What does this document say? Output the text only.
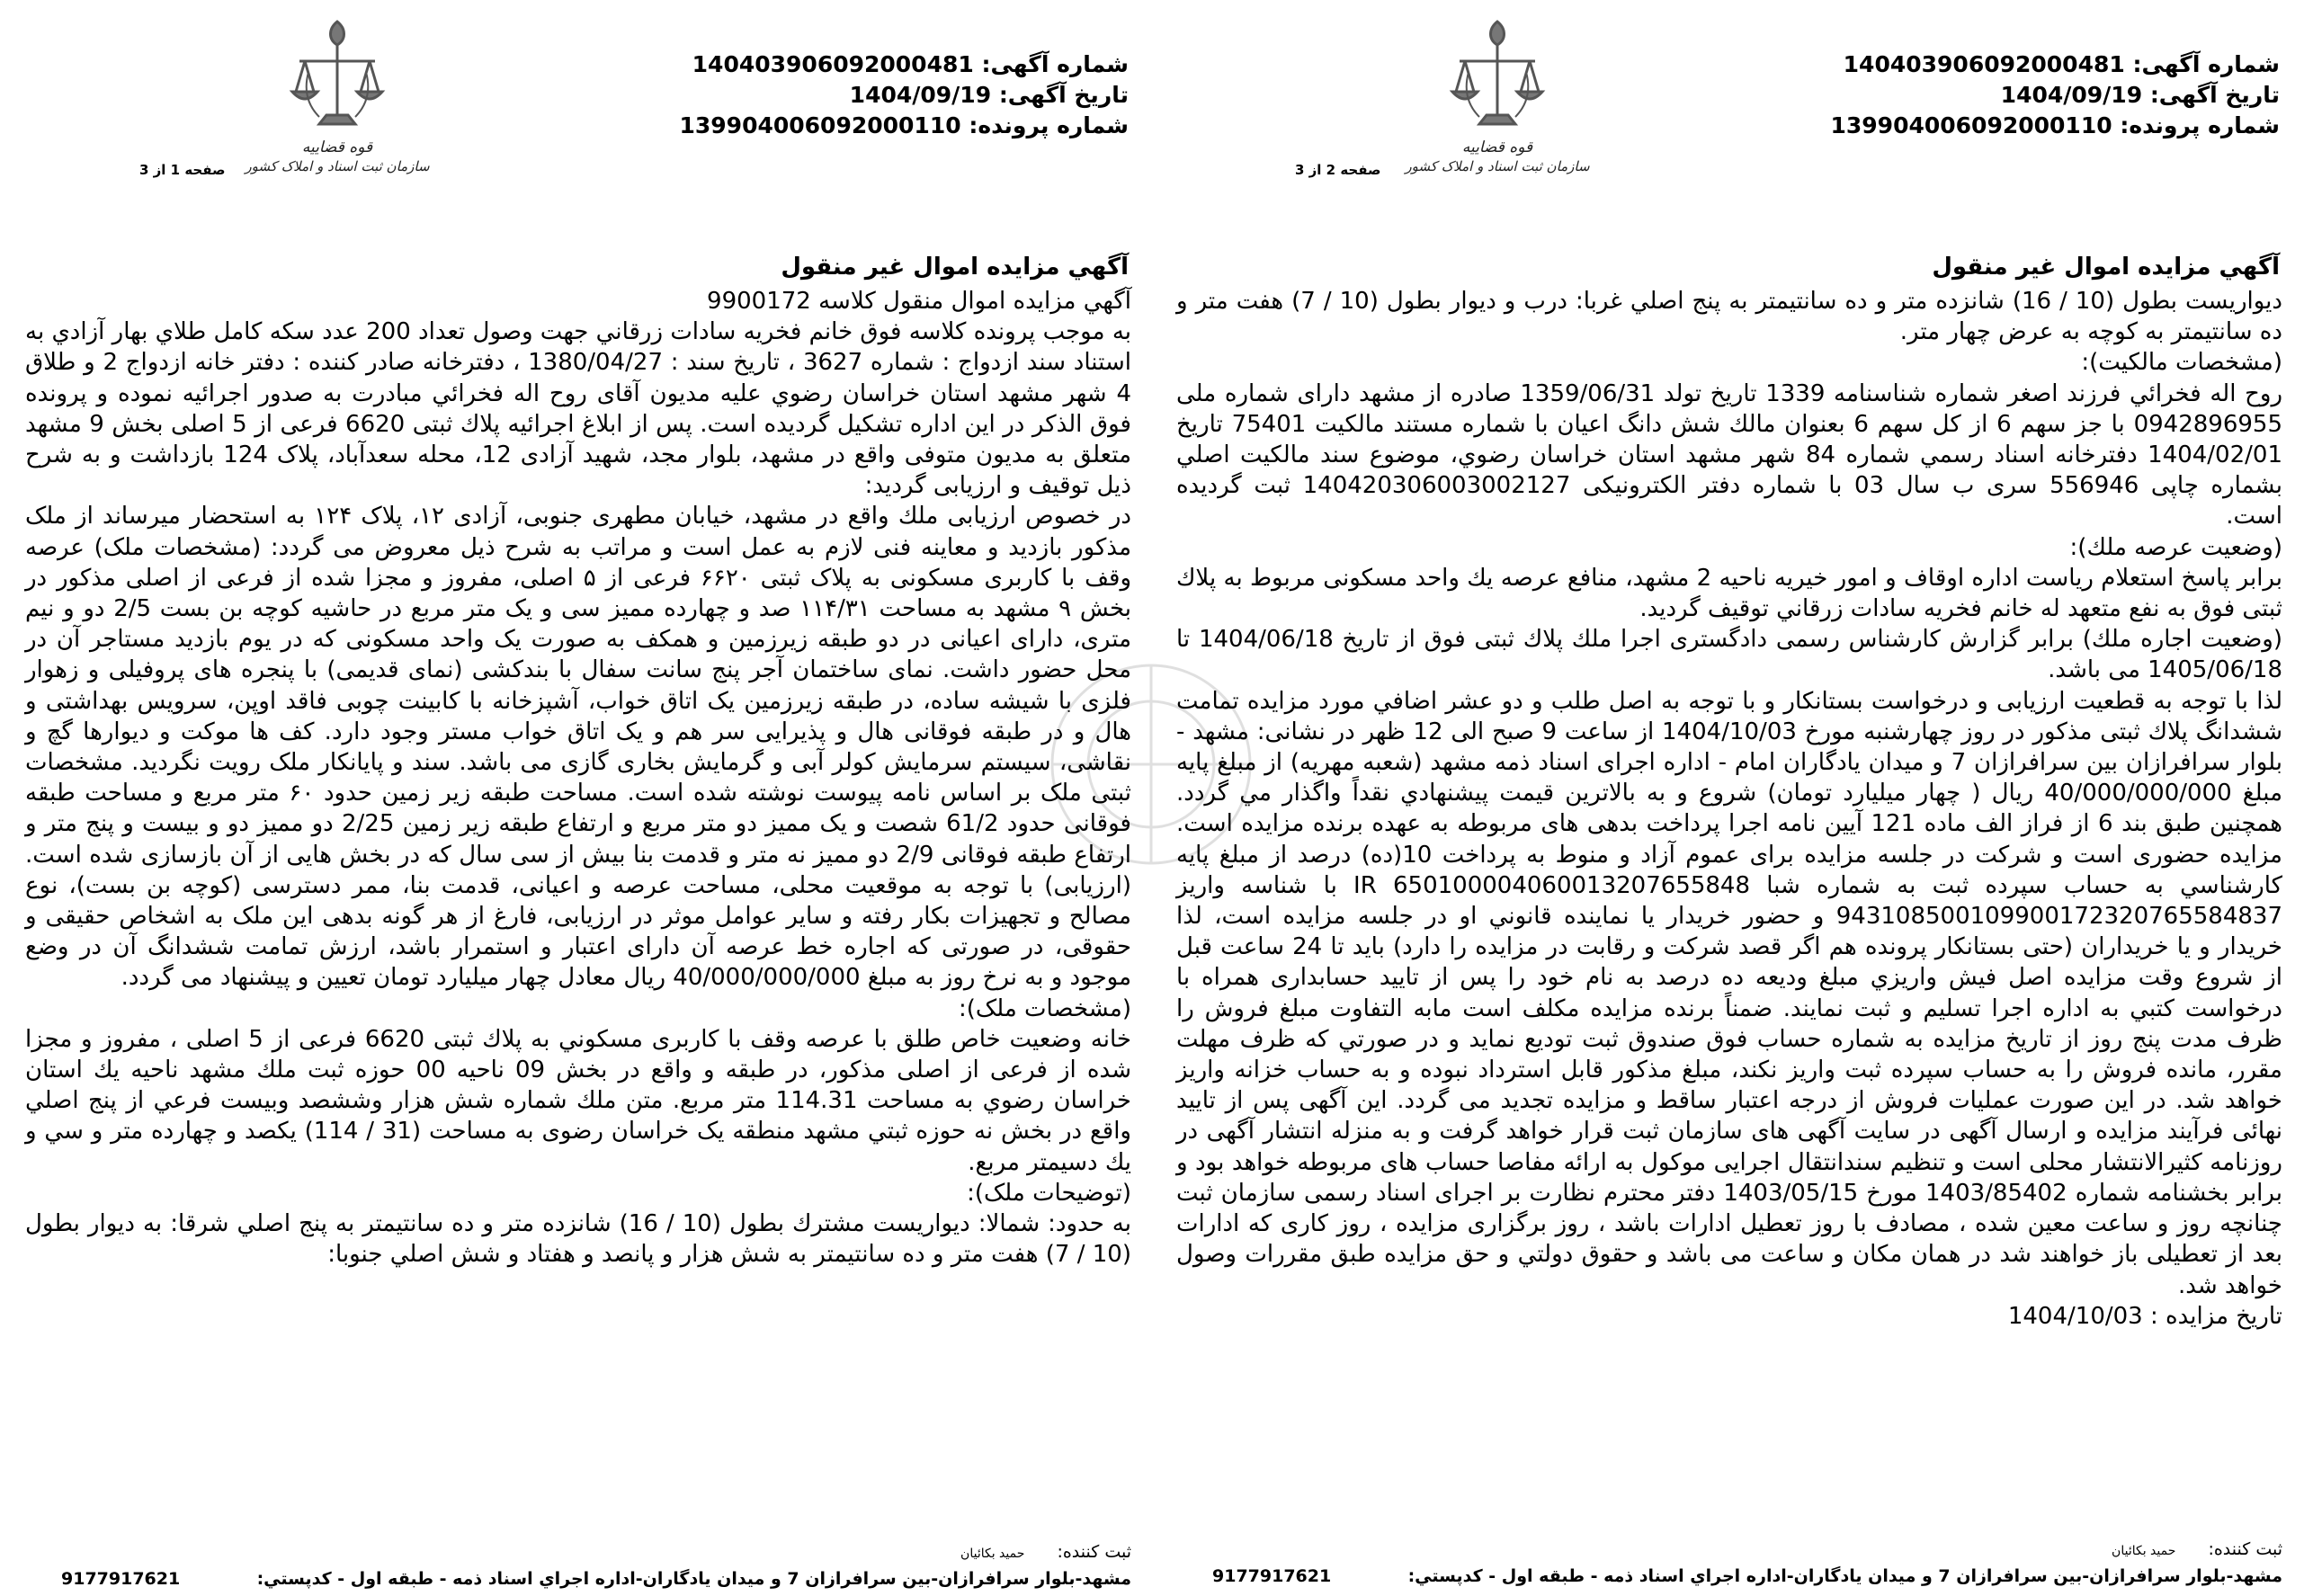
شماره آگهی: 140403906092000481
تاریخ آگهی: 1404/09/19
شماره پرونده: 139904006092000110
قوه قضاییه
سازمان ثبت اسناد و املاک کشور
صفحه 2 از 3
آگهي مزايده اموال غير منقول

ديواريست بطول (10 / 16) شانزده متر و ده سانتيمتر به پنج اصلي غربا: درب و ديوار بطول (10 / 7) هفت متر و ده سانتيمتر به كوچه به عرض چهار متر.

(مشخصات مالكيت):

روح اله فخرائي فرزند اصغر شماره شناسنامه 1339 تاريخ تولد 1359/06/31 صادره از مشهد داراى شماره ملی 0942896955 با جز سهم 6 از كل سهم 6 بعنوان مالك شش دانگ اعيان با شماره مستند مالكيت 75401 تاريخ 1404/02/01 دفترخانه اسناد رسمي شماره 84 شهر مشهد استان خراسان رضوي، موضوع سند مالكيت اصلي بشماره چاپی 556946 سری ب سال 03 با شماره دفتر الكترونيكی 140420306003002127 ثبت گرديده است.

(وضعيت عرصه ملك):

برابر پاسخ استعلام رياست اداره اوقاف و امور خيريه ناحيه 2 مشهد، منافع عرصه يك واحد مسكونی مربوط به پلاك ثبتی فوق به نفع متعهد له خانم فخريه سادات زرقاني توقيف گرديد.

(وضعيت اجاره ملك) برابر گزارش كارشناس رسمی دادگستری اجرا ملك پلاك ثبتی فوق از تاريخ 1404/06/18 تا 1405/06/18 مى باشد.

لذا با توجه به قطعيت ارزيابى و درخواست بستانكار و با توجه به اصل طلب و دو عشر اضافي مورد مزايده تمامت ششدانگ پلاك ثبتى مذكور در روز چهارشنبه مورخ 1404/10/03 از ساعت 9 صبح الى 12 ظهر در نشانى: مشهد - بلوار سرافرازان بين سرافرازان 7 و ميدان يادگاران امام - اداره اجراى اسناد ذمه مشهد (شعبه مهريه) از مبلغ پايه مبلغ 40/000/000/000 ريال ( چهار ميليارد تومان) شروع و به بالاترين قيمت پيشنهادي نقداً واگذار مي گردد. همچنين طبق بند 6 از فراز الف ماده 121 آيين نامه اجرا پرداخت بدهی های مربوطه به عهده برنده مزايده است. مزايده حضوری است و شركت در جلسه مزايده برای عموم آزاد و منوط به پرداخت 10(ده) درصد از مبلغ پايه كارشناسي به حساب سپرده ثبت به شماره شبا IR 650100004060013207655848 با شناسه واريز 943108500109900172320765584837 و حضور خريدار يا نماينده قانوني او در جلسه مزايده است، لذا خريدار و يا خريداران (حتى بستانكار پرونده هم اگر قصد شركت و رقابت در مزايده را دارد) بايد تا 24 ساعت قبل از شروع وقت مزايده اصل فيش واريزي مبلغ وديعه ده درصد به نام خود را پس از تاييد حسابداری همراه با درخواست كتبي به اداره اجرا تسليم و ثبت نمايند. ضمناً برنده مزايده مكلف است مابه التفاوت مبلغ فروش را ظرف مدت پنج روز از تاريخ مزايده به شماره حساب فوق صندوق ثبت توديع نمايد و در صورتي كه ظرف مهلت مقرر، مانده فروش را به حساب سپرده ثبت واريز نكند، مبلغ مذكور قابل استرداد نبوده و به حساب خزانه واريز خواهد شد. در اين صورت عمليات فروش از درجه اعتبار ساقط و مزايده تجديد می گردد. اين آگهی پس از تاييد نهائی فرآيند مزايده و ارسال آگهی در سايت آگهی های سازمان ثبت قرار خواهد گرفت و به منزله انتشار آگهی در روزنامه كثيرالانتشار محلی است و تنظيم سندانتقال اجرايی موكول به ارائه مفاصا حساب های مربوطه خواهد بود و برابر بخشنامه شماره 1403/85402 مورخ 1403/05/15 دفتر محترم نظارت بر اجرای اسناد رسمی سازمان ثبت چنانچه روز و ساعت معين شده ، مصادف با روز تعطيل ادارات باشد ، روز برگزاری مزايده ، روز كاری كه ادارات بعد از تعطيلی باز خواهند شد در همان مكان و ساعت می باشد و حقوق دولتي و حق مزايده طبق مقررات وصول خواهد شد.

تاريخ مزايده : 1404/10/03

ثبت كننده: حميد بكائيان
مشهد-بلوار سرافرازان-بين سرافرازان 7 و ميدان يادگاران-اداره اجراي اسناد ذمه - طبقه اول - كدپستي:
9177917621
شماره آگهی: 140403906092000481
تاریخ آگهی: 1404/09/19
شماره پرونده: 139904006092000110
قوه قضاییه
سازمان ثبت اسناد و املاک کشور
صفحه 1 از 3
آگهي مزايده اموال غير منقول

آگهي مزايده اموال منقول كلاسه 9900172

به موجب پرونده كلاسه فوق خانم فخريه سادات زرقاني جهت وصول تعداد 200 عدد سكه كامل طلاي بهار آزادي به استناد سند ازدواج : شماره 3627 ، تاريخ سند : 1380/04/27 ، دفترخانه صادر كننده : دفتر خانه ازدواج 2 و طلاق 4 شهر مشهد استان خراسان رضوي عليه مديون آقاى روح اله فخرائي مبادرت به صدور اجرائيه نموده و پرونده فوق الذكر در اين اداره تشكيل گرديده است. پس از ابلاغ اجرائيه پلاك ثبتی 6620 فرعی از 5 اصلی بخش 9 مشهد متعلق به مديون متوفی واقع در مشهد، بلوار مجد، شهيد آزادی 12، محله سعدآباد، پلاک 124 بازداشت و به شرح ذيل توقيف و ارزيابی گرديد:

در خصوص ارزيابی ملك واقع در مشهد، خيابان مطهری جنوبی، آزادی ۱۲، پلاک ۱۲۴ به استحضار ميرساند از ملک مذکور بازديد و معاينه فنی لازم به عمل است و مراتب به شرح ذيل معروض می گردد: (مشخصات ملک) عرصه وقف با کاربری مسکونی به پلاک ثبتی ۶۶۲۰ فرعی از ۵ اصلی، مفروز و مجزا شده از فرعی از اصلی مذکور در بخش ۹ مشهد به مساحت ۱۱۴/۳۱ صد و چهارده مميز سی و يک متر مربع در حاشيه کوچه بن بست 2/5 دو و نيم متری، دارای اعيانی در دو طبقه زيرزمين و همکف به صورت يک واحد مسکونی که در يوم بازديد مستاجر آن در محل حضور داشت. نمای ساختمان آجر پنج سانت سفال با بندکشی (نمای قديمی) با پنجره های پروفيلی و زهوار فلزی با شيشه ساده، در طبقه زيرزمين يک اتاق خواب، آشپزخانه با کابينت چوبی فاقد اوپن، سرويس بهداشتی و هال و در طبقه فوقانی هال و پذيرايی سر هم و يک اتاق خواب مستر وجود دارد. کف ها موکت و ديوارها گچ و نقاشی، سيستم سرمايش کولر آبی و گرمايش بخاری گازی می باشد. سند و پايانکار ملک رويت نگرديد. مشخصات ثبتی ملک بر اساس نامه پيوست نوشته شده است. مساحت طبقه زير زمين حدود ۶۰ متر مربع و مساحت طبقه فوقانی حدود 61/2 شصت و يک مميز دو متر مربع و ارتفاع طبقه زير زمين 2/25 دو مميز دو و بيست و پنج متر و ارتفاع طبقه فوقانی 2/9 دو مميز نه متر و قدمت بنا بيش از سی سال که در بخش هايی از آن بازسازی شده است. (ارزيابی) با توجه به موقعيت محلی، مساحت عرصه و اعيانی، قدمت بنا، ممر دسترسی (کوچه بن بست)، نوع مصالح و تجهيزات بکار رفته و ساير عوامل موثر در ارزيابی، فارغ از هر گونه بدهی اين ملک به اشخاص حقيقی و حقوقی، در صورتی که اجاره خط عرصه آن دارای اعتبار و استمرار باشد، ارزش تمامت ششدانگ آن در وضع موجود و به نرخ روز به مبلغ 40/000/000/000 ريال معادل چهار ميليارد تومان تعيين و پيشنهاد می گردد.

(مشخصات ملک):

خانه وضعيت خاص طلق با عرصه وقف با كاربری مسكوني به پلاك ثبتی 6620 فرعی از 5 اصلی ، مفروز و مجزا شده از فرعی از اصلی مذكور، در طبقه و واقع در بخش 09 ناحيه 00 حوزه ثبت ملك مشهد ناحيه يك استان خراسان رضوي به مساحت 114.31 متر مربع. متن ملك شماره شش هزار وششصد وبيست فرعي از پنج اصلي واقع در بخش نه حوزه ثبتي مشهد منطقه يک خراسان رضوی به مساحت (31 / 114) يكصد و چهارده متر و سي و يك دسيمتر مربع.

(توضيحات ملک):

به حدود: شمالا: ديواريست مشترك بطول (10 / 16) شانزده متر و ده سانتيمتر به پنج اصلي شرقا: به ديوار بطول (10 / 7) هفت متر و ده سانتيمتر به شش هزار و پانصد و هفتاد و شش اصلي جنوبا:

ثبت كننده: حميد بكائيان
مشهد-بلوار سرافرازان-بين سرافرازان 7 و ميدان يادگاران-اداره اجراي اسناد ذمه - طبقه اول - كدپستي:
9177917621
